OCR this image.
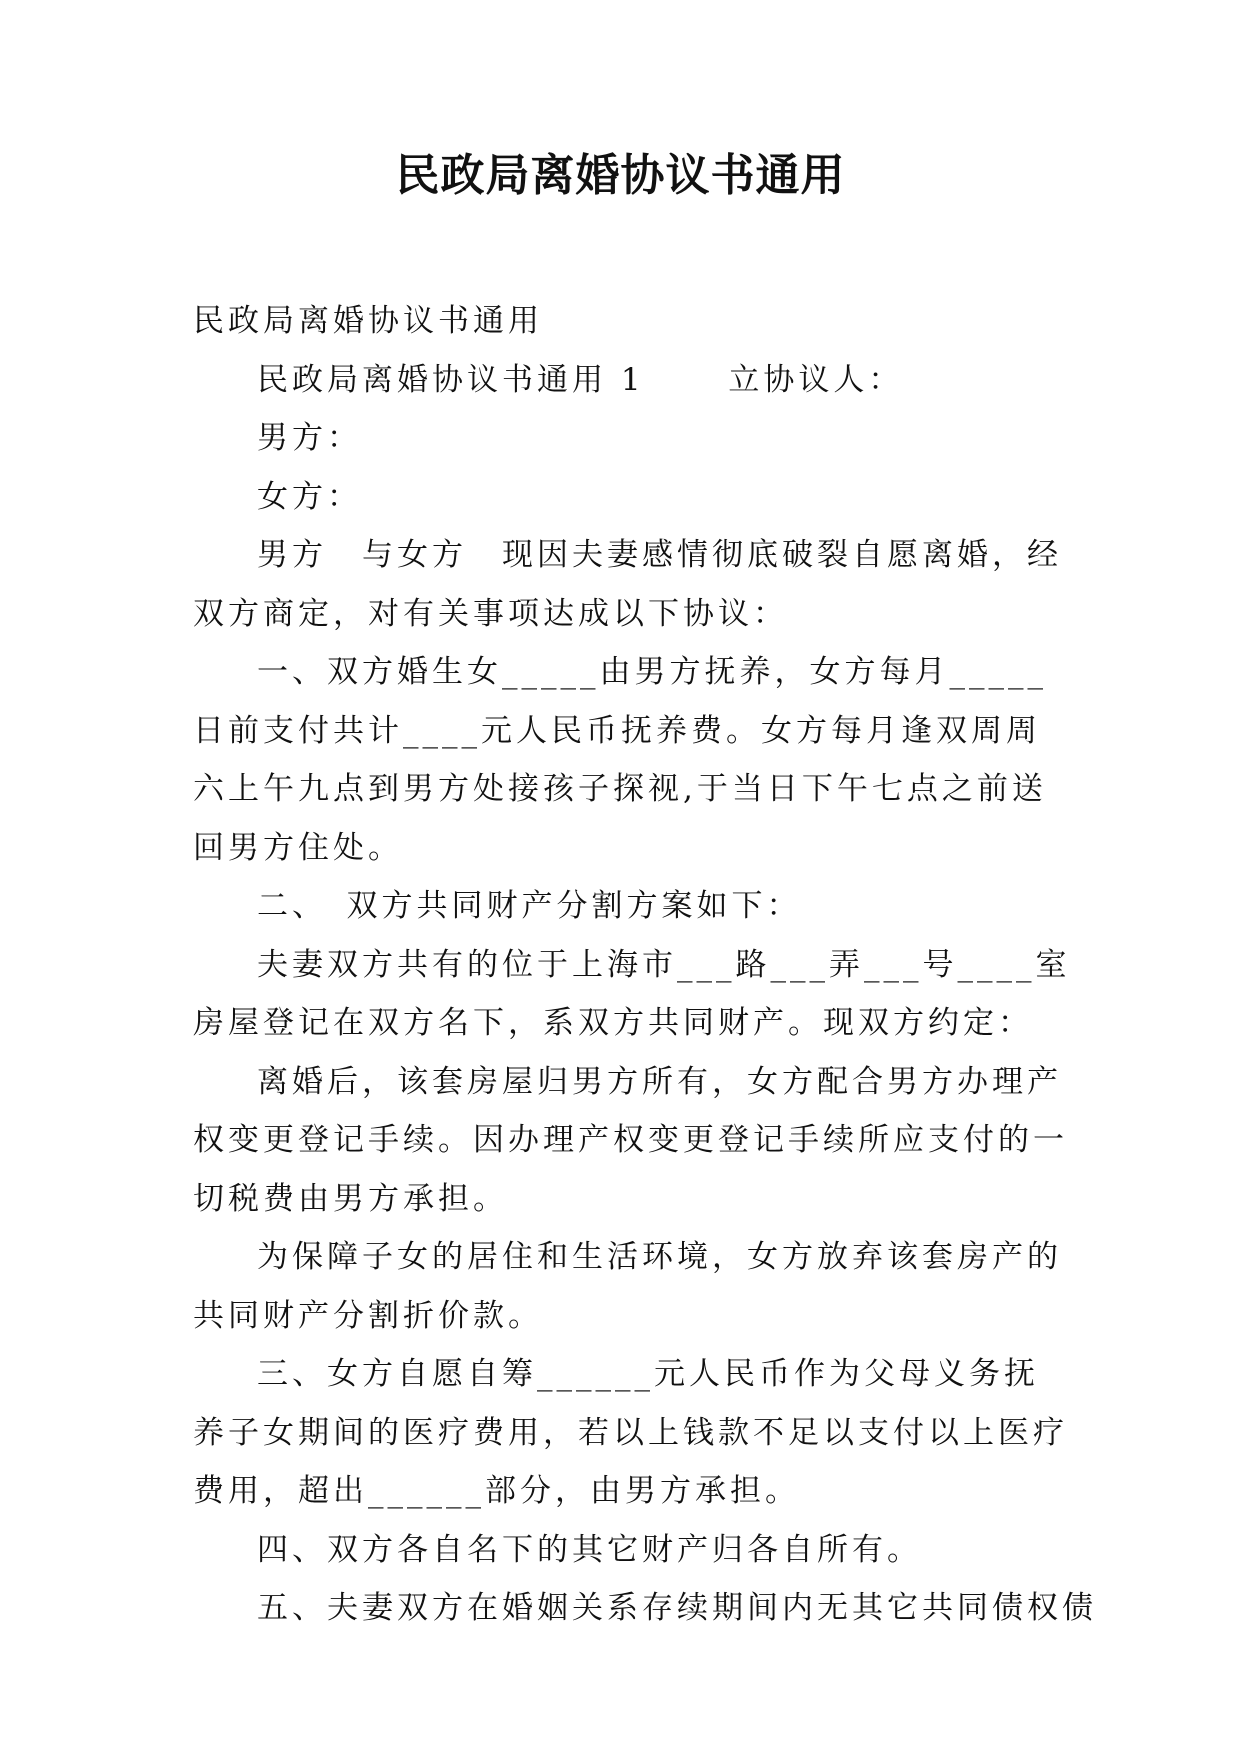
民政局离婚协议书通用

民政局离婚协议书通用

民政局离婚协议书通用 1　　 立协议人：

男方：

女方：

男方　与女方　现因夫妻感情彻底破裂自愿离婚，经双方商定，对有关事项达成以下协议：

一、双方婚生女_____由男方抚养，女方每月_____日前支付共计____元人民币抚养费。女方每月逢双周周六上午九点到男方处接孩子探视,于当日下午七点之前送回男方住处。

二、　双方共同财产分割方案如下：

夫妻双方共有的位于上海市___路___弄___号____室房屋登记在双方名下，系双方共同财产。现双方约定：

离婚后，该套房屋归男方所有，女方配合男方办理产权变更登记手续。因办理产权变更登记手续所应支付的一切税费由男方承担。

为保障子女的居住和生活环境，女方放弃该套房产的共同财产分割折价款。

三、女方自愿自筹______元人民币作为父母义务抚养子女期间的医疗费用，若以上钱款不足以支付以上医疗费用，超出______部分，由男方承担。

四、双方各自名下的其它财产归各自所有。

五、夫妻双方在婚姻关系存续期间内无其它共同债权债
